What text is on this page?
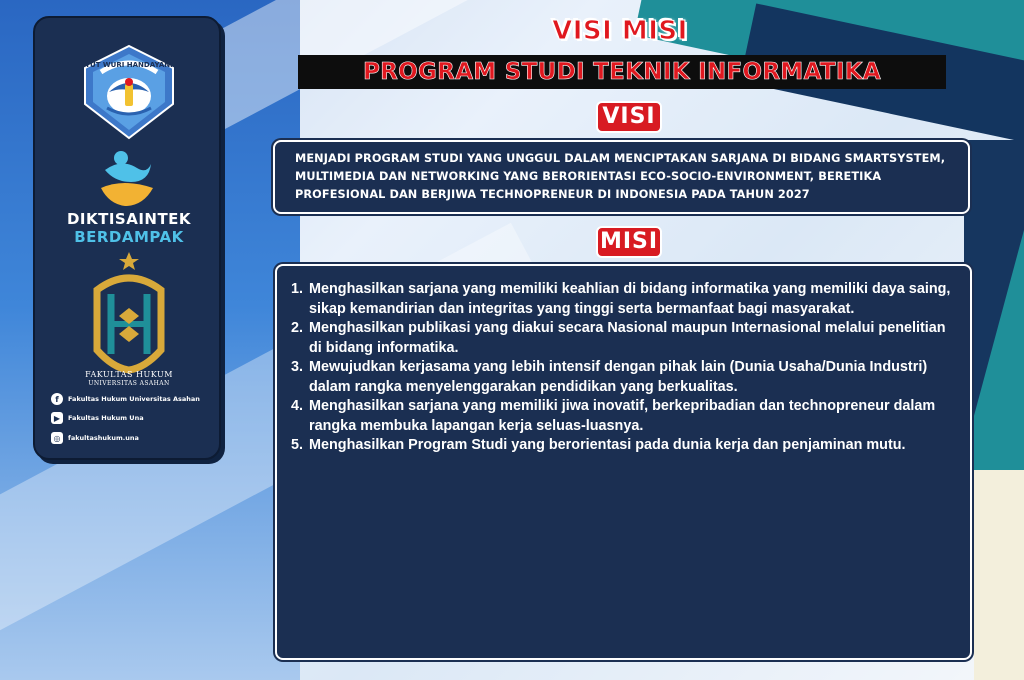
TUT WURI HANDAYANI
DIKTISAINTEK
BERDAMPAK
FAKULTAS HUKUM
UNIVERSITAS ASAHAN
f	Fakultas Hukum Universitas Asahan
▶	Fakultas Hukum Una
◎	fakultashukum.una
VISI MISI
PROGRAM STUDI TEKNIK INFORMATIKA
VISI

MENJADI PROGRAM STUDI YANG UNGGUL DALAM MENCIPTAKAN SARJANA DI BIDANG SMARTSYSTEM, MULTIMEDIA DAN NETWORKING YANG BERORIENTASI ECO-SOCIO-ENVIRONMENT, BERETIKA PROFESIONAL DAN BERJIWA TECHNOPRENEUR DI INDONESIA PADA TAHUN 2027

MISI
1. Menghasilkan sarjana yang memiliki keahlian di bidang informatika yang memiliki daya saing, sikap kemandirian dan integritas yang tinggi serta bermanfaat bagi masyarakat.
2. Menghasilkan publikasi yang diakui secara Nasional maupun Internasional melalui penelitian di bidang informatika.
3. Mewujudkan kerjasama yang lebih intensif dengan pihak lain (Dunia Usaha/Dunia Industri) dalam rangka menyelenggarakan pendidikan yang berkualitas.
4. Menghasilkan sarjana yang memiliki jiwa inovatif, berkepribadian dan technopreneur dalam rangka membuka lapangan kerja seluas-luasnya.
5. Menghasilkan Program Studi yang berorientasi pada dunia kerja dan penjaminan mutu.
